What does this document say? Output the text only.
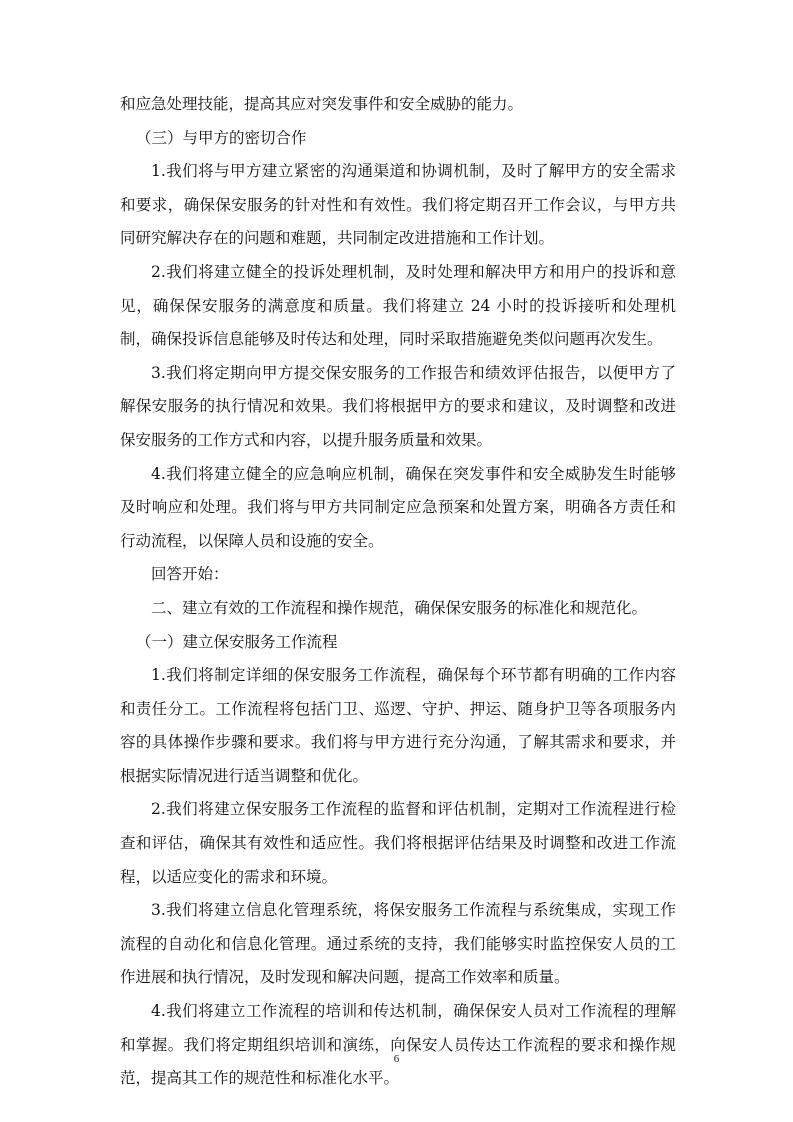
和应急处理技能，提高其应对突发事件和安全威胁的能力。

（三）与甲方的密切合作

1.我们将与甲方建立紧密的沟通渠道和协调机制，及时了解甲方的安全需求和要求，确保保安服务的针对性和有效性。我们将定期召开工作会议，与甲方共同研究解决存在的问题和难题，共同制定改进措施和工作计划。

2.我们将建立健全的投诉处理机制，及时处理和解决甲方和用户的投诉和意见，确保保安服务的满意度和质量。我们将建立 24 小时的投诉接听和处理机制，确保投诉信息能够及时传达和处理，同时采取措施避免类似问题再次发生。

3.我们将定期向甲方提交保安服务的工作报告和绩效评估报告，以便甲方了解保安服务的执行情况和效果。我们将根据甲方的要求和建议，及时调整和改进保安服务的工作方式和内容，以提升服务质量和效果。

4.我们将建立健全的应急响应机制，确保在突发事件和安全威胁发生时能够及时响应和处理。我们将与甲方共同制定应急预案和处置方案，明确各方责任和行动流程，以保障人员和设施的安全。

回答开始：

二、建立有效的工作流程和操作规范，确保保安服务的标准化和规范化。

（一）建立保安服务工作流程

1.我们将制定详细的保安服务工作流程，确保每个环节都有明确的工作内容和责任分工。工作流程将包括门卫、巡逻、守护、押运、随身护卫等各项服务内容的具体操作步骤和要求。我们将与甲方进行充分沟通，了解其需求和要求，并根据实际情况进行适当调整和优化。

2.我们将建立保安服务工作流程的监督和评估机制，定期对工作流程进行检查和评估，确保其有效性和适应性。我们将根据评估结果及时调整和改进工作流程，以适应变化的需求和环境。

3.我们将建立信息化管理系统，将保安服务工作流程与系统集成，实现工作流程的自动化和信息化管理。通过系统的支持，我们能够实时监控保安人员的工作进展和执行情况，及时发现和解决问题，提高工作效率和质量。

4.我们将建立工作流程的培训和传达机制，确保保安人员对工作流程的理解和掌握。我们将定期组织培训和演练，向保安人员传达工作流程的要求和操作规范，提高其工作的规范性和标准化水平。

6
